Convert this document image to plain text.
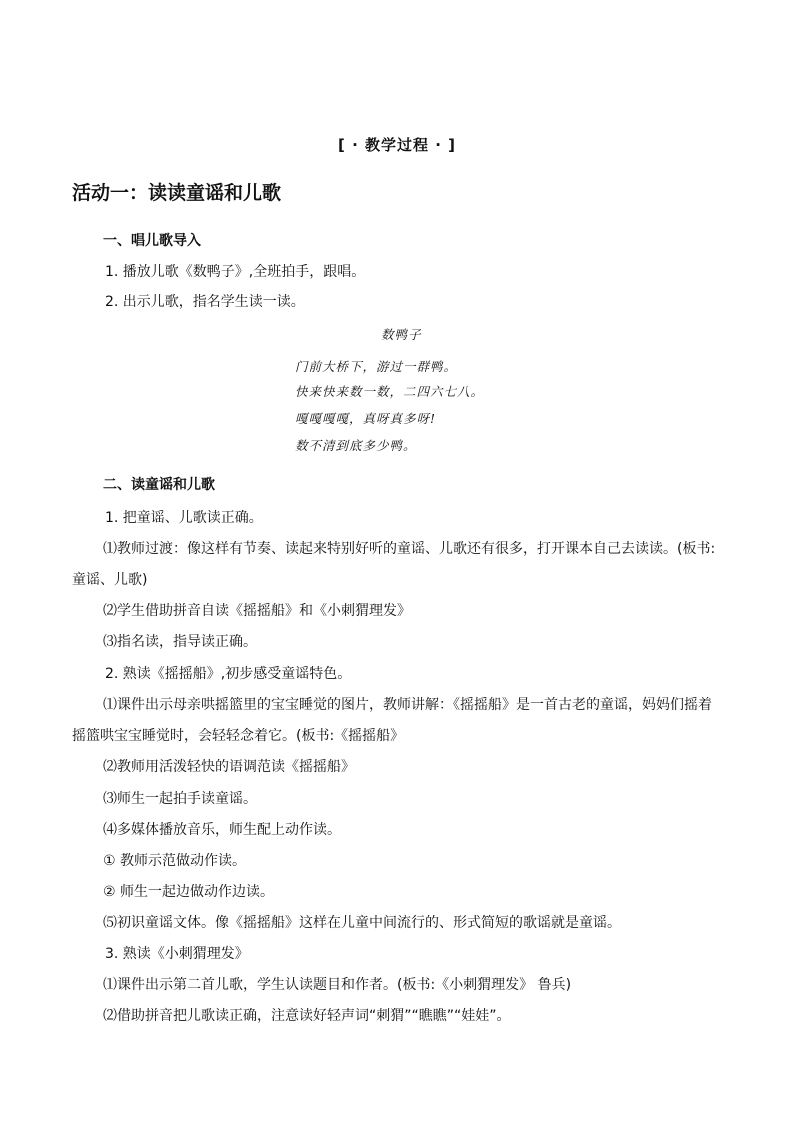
[ · 教学过程 · ]
活动一：读读童谣和儿歌
一、唱儿歌导入
1. 播放儿歌《数鸭子》,全班拍手，跟唱。
2. 出示儿歌，指名学生读一读。
数鸭子
门前大桥下，游过一群鸭。
快来快来数一数，二四六七八。
嘎嘎嘎嘎，真呀真多呀!
数不清到底多少鸭。
二、读童谣和儿歌
1. 把童谣、儿歌读正确。
⑴教师过渡：像这样有节奏、读起来特别好听的童谣、儿歌还有很多，打开课本自己去读读。(板书:
童谣、儿歌)
⑵学生借助拼音自读《摇摇船》和《小刺猬理发》
⑶指名读，指导读正确。
2. 熟读《摇摇船》,初步感受童谣特色。
⑴课件出示母亲哄摇篮里的宝宝睡觉的图片，教师讲解：《摇摇船》是一首古老的童谣，妈妈们摇着
摇篮哄宝宝睡觉时，会轻轻念着它。(板书:《摇摇船》
⑵教师用活泼轻快的语调范读《摇摇船》
⑶师生一起拍手读童谣。
⑷多媒体播放音乐，师生配上动作读。
① 教师示范做动作读。
② 师生一起边做动作边读。
⑸初识童谣文体。像《摇摇船》这样在儿童中间流行的、形式简短的歌谣就是童谣。
3. 熟读《小刺猬理发》
⑴课件出示第二首儿歌，学生认读题目和作者。(板书:《小刺猬理发》 鲁兵)
⑵借助拼音把儿歌读正确，注意读好轻声词“刺猬”“瞧瞧”“娃娃”。
